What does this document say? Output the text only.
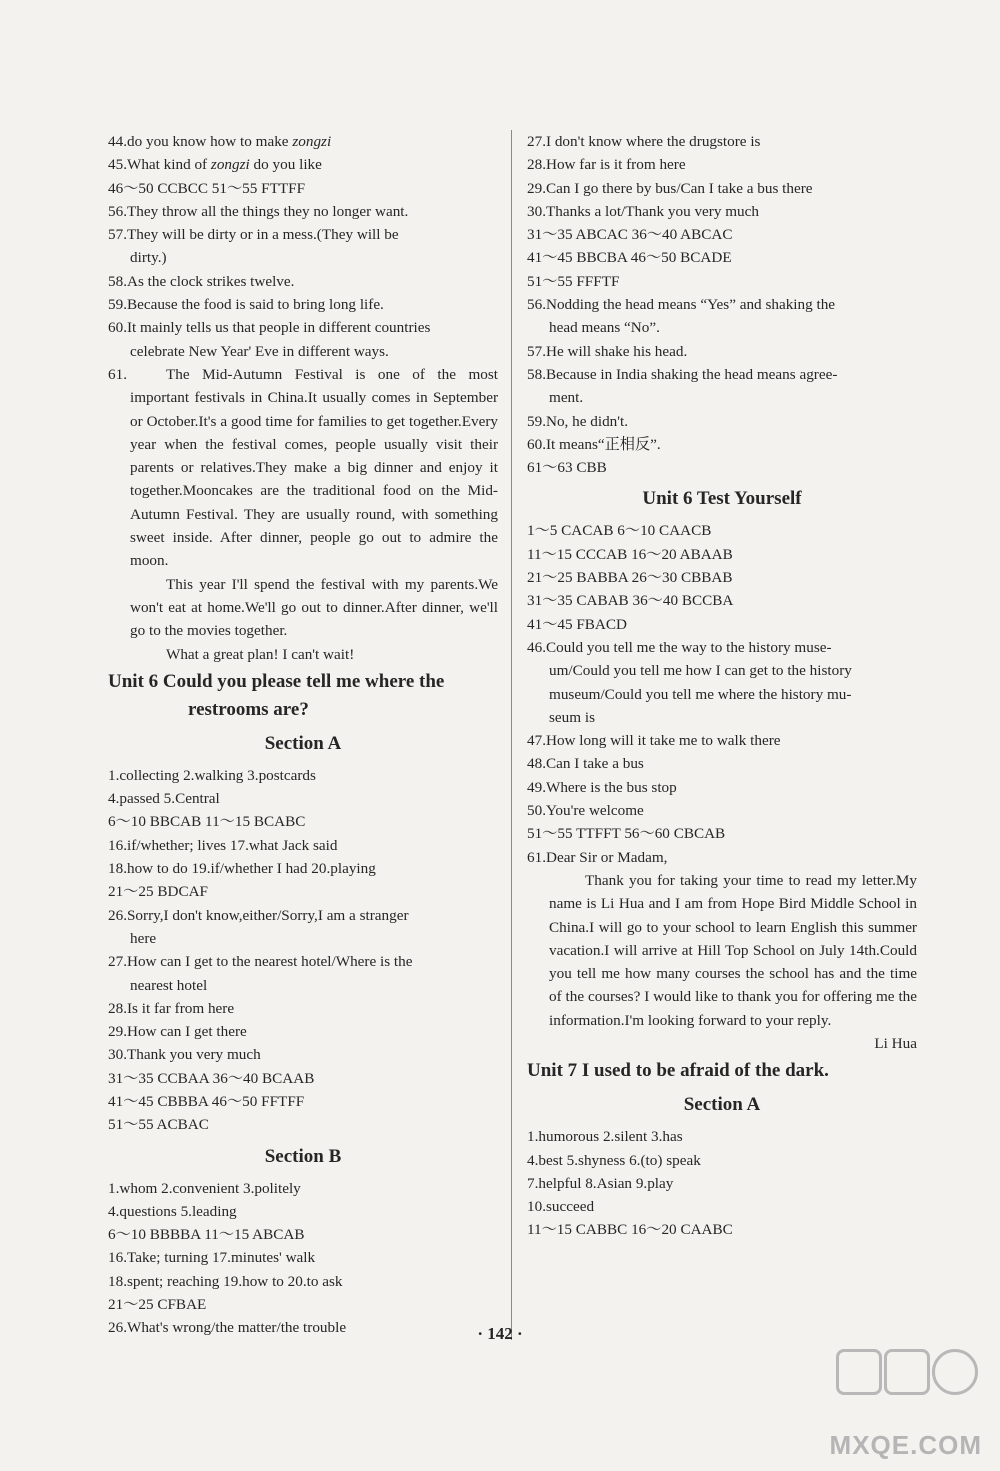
44.do you know how to make zongzi
45.What kind of zongzi do you like
46～50 CCBCC 51～55 FTTFF
56.They throw all the things they no longer want.
57.They will be dirty or in a mess.(They will be
dirty.)
58.As the clock strikes twelve.
59.Because the food is said to bring long life.
60.It mainly tells us that people in different countries
celebrate New Year' Eve in different ways.
61.	The Mid-Autumn Festival is one of the most important festivals in China.It usually comes in September or October.It's a good time for families to get together.Every year when the festival comes, people usually visit their parents or relatives.They make a big dinner and enjoy it together.Mooncakes are the traditional food on the Mid-Autumn Festival. They are usually round, with something sweet inside. After dinner, people go out to admire the moon.
This year I'll spend the festival with my parents.We won't eat at home.We'll go out to dinner.After dinner, we'll go to the movies together.
What a great plan! I can't wait!
Unit 6 Could you please tell me where the
restrooms are?
Section A
1.collecting 2.walking 3.postcards
4.passed 5.Central
6～10 BBCAB 11～15 BCABC
16.if/whether; lives 17.what Jack said
18.how to do 19.if/whether I had 20.playing
21～25 BDCAF
26.Sorry,I don't know,either/Sorry,I am a stranger
here
27.How can I get to the nearest hotel/Where is the
nearest hotel
28.Is it far from here
29.How can I get there
30.Thank you very much
31～35 CCBAA 36～40 BCAAB
41～45 CBBBA 46～50 FFTFF
51～55 ACBAC
Section B
1.whom 2.convenient 3.politely
4.questions 5.leading
6～10 BBBBA 11～15 ABCAB
16.Take; turning 17.minutes' walk
18.spent; reaching 19.how to 20.to ask
21～25 CFBAE
26.What's wrong/the matter/the trouble
27.I don't know where the drugstore is
28.How far is it from here
29.Can I go there by bus/Can I take a bus there
30.Thanks a lot/Thank you very much
31～35 ABCAC 36～40 ABCAC
41～45 BBCBA 46～50 BCADE
51～55 FFFTF
56.Nodding the head means “Yes” and shaking the
head means “No”.
57.He will shake his head.
58.Because in India shaking the head means agree-
ment.
59.No, he didn't.
60.It means“正相反”.
61～63 CBB
Unit 6 Test Yourself
1～5 CACAB 6～10 CAACB
11～15 CCCAB 16～20 ABAAB
21～25 BABBA 26～30 CBBAB
31～35 CABAB 36～40 BCCBA
41～45 FBACD
46.Could you tell me the way to the history muse-
um/Could you tell me how I can get to the history
museum/Could you tell me where the history mu-
seum is
47.How long will it take me to walk there
48.Can I take a bus
49.Where is the bus stop
50.You're welcome
51～55 TTFFT 56～60 CBCAB
61.Dear Sir or Madam,
Thank you for taking your time to read my letter.My name is Li Hua and I am from Hope Bird Middle School in China.I will go to your school to learn English this summer vacation.I will arrive at Hill Top School on July 14th.Could you tell me how many courses the school has and the time of the courses? I would like to thank you for offering me the information.I'm looking forward to your reply.
Li Hua
Unit 7 I used to be afraid of the dark.
Section A
1.humorous 2.silent 3.has
4.best 5.shyness 6.(to) speak
7.helpful 8.Asian 9.play
10.succeed
11～15 CABBC 16～20 CAABC
· 142 ·
MXQE.COM
